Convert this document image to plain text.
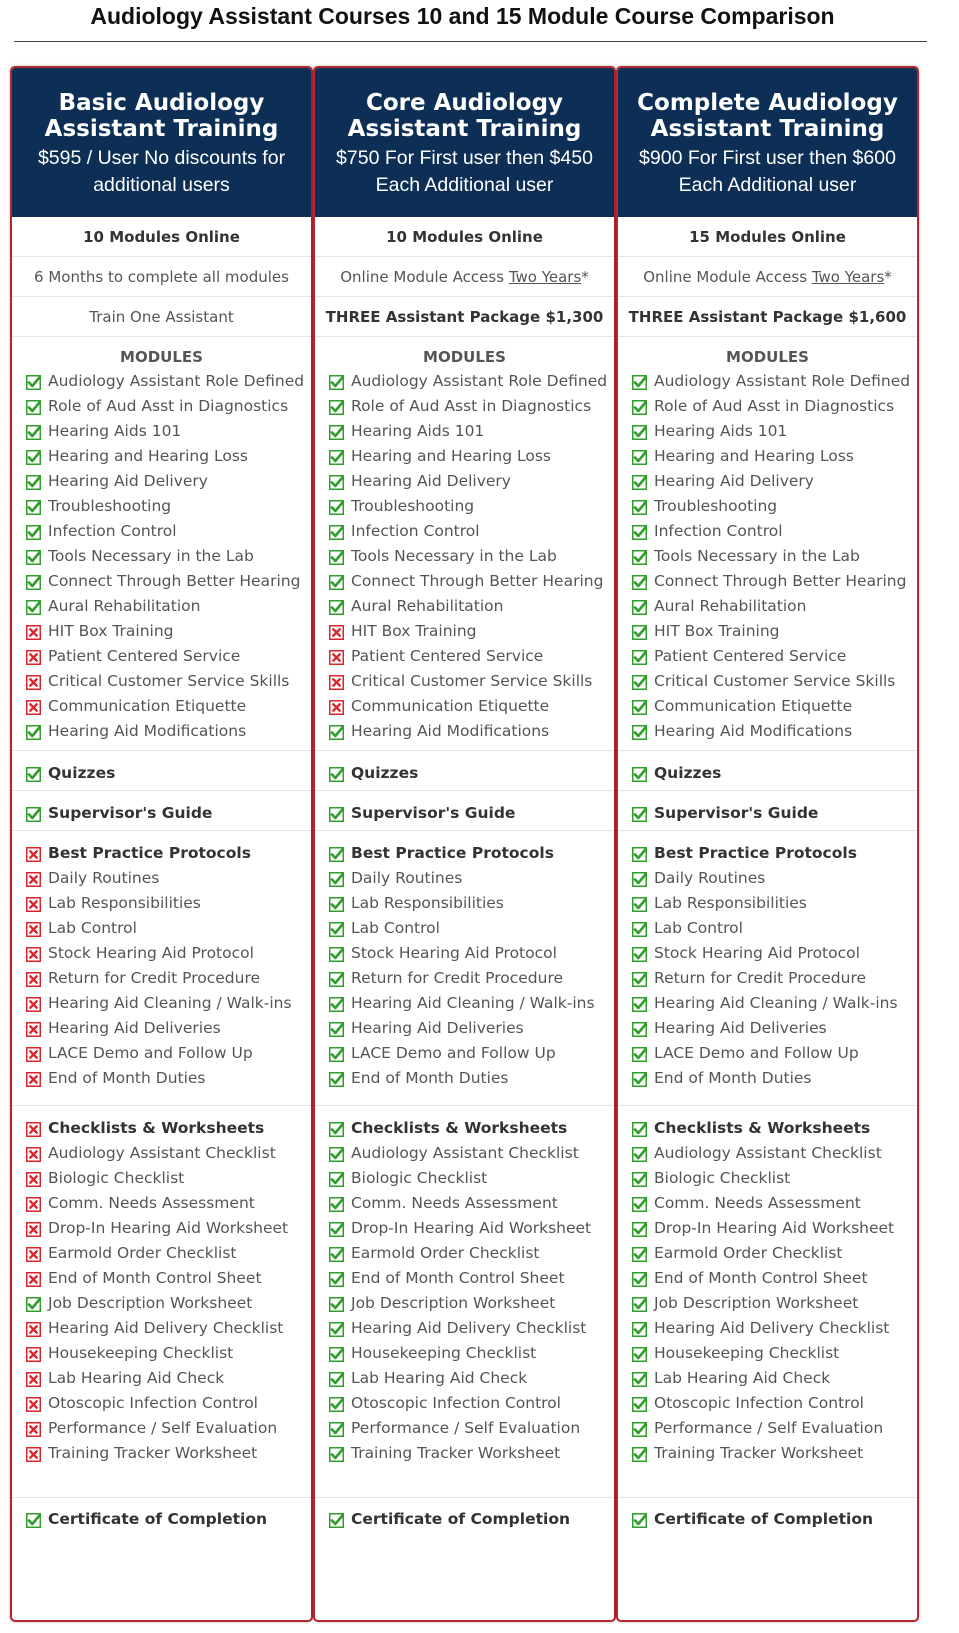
Audiology Assistant Courses 10 and 15 Module Course Comparison
Basic Audiology Assistant Training
$595 / User No discounts for additional users
10 Modules Online
6 Months to complete all modules
Train One Assistant
MODULES
Audiology Assistant Role Defined
Role of Aud Asst in Diagnostics
Hearing Aids 101
Hearing and Hearing Loss
Hearing Aid Delivery
Troubleshooting
Infection Control
Tools Necessary in the Lab
Connect Through Better Hearing
Aural Rehabilitation
HIT Box Training
Patient Centered Service
Critical Customer Service Skills
Communication Etiquette
Hearing Aid Modifications
Quizzes
Supervisor's Guide
Best Practice Protocols
Daily Routines
Lab Responsibilities
Lab Control
Stock Hearing Aid Protocol
Return for Credit Procedure
Hearing Aid Cleaning / Walk-ins
Hearing Aid Deliveries
LACE Demo and Follow Up
End of Month Duties
Checklists & Worksheets
Audiology Assistant Checklist
Biologic Checklist
Comm. Needs Assessment
Drop-In Hearing Aid Worksheet
Earmold Order Checklist
End of Month Control Sheet
Job Description Worksheet
Hearing Aid Delivery Checklist
Housekeeping Checklist
Lab Hearing Aid Check
Otoscopic Infection Control
Performance / Self Evaluation
Training Tracker Worksheet
Certificate of Completion
Core Audiology Assistant Training
$750 For First user then $450 Each Additional user
10 Modules Online
Online Module Access Two Years*
THREE Assistant Package $1,300
MODULES
Audiology Assistant Role Defined
Role of Aud Asst in Diagnostics
Hearing Aids 101
Hearing and Hearing Loss
Hearing Aid Delivery
Troubleshooting
Infection Control
Tools Necessary in the Lab
Connect Through Better Hearing
Aural Rehabilitation
HIT Box Training
Patient Centered Service
Critical Customer Service Skills
Communication Etiquette
Hearing Aid Modifications
Quizzes
Supervisor's Guide
Best Practice Protocols
Daily Routines
Lab Responsibilities
Lab Control
Stock Hearing Aid Protocol
Return for Credit Procedure
Hearing Aid Cleaning / Walk-ins
Hearing Aid Deliveries
LACE Demo and Follow Up
End of Month Duties
Checklists & Worksheets
Audiology Assistant Checklist
Biologic Checklist
Comm. Needs Assessment
Drop-In Hearing Aid Worksheet
Earmold Order Checklist
End of Month Control Sheet
Job Description Worksheet
Hearing Aid Delivery Checklist
Housekeeping Checklist
Lab Hearing Aid Check
Otoscopic Infection Control
Performance / Self Evaluation
Training Tracker Worksheet
Certificate of Completion
Complete Audiology Assistant Training
$900 For First user then $600 Each Additional user
15 Modules Online
Online Module Access Two Years*
THREE Assistant Package $1,600
MODULES
Audiology Assistant Role Defined
Role of Aud Asst in Diagnostics
Hearing Aids 101
Hearing and Hearing Loss
Hearing Aid Delivery
Troubleshooting
Infection Control
Tools Necessary in the Lab
Connect Through Better Hearing
Aural Rehabilitation
HIT Box Training
Patient Centered Service
Critical Customer Service Skills
Communication Etiquette
Hearing Aid Modifications
Quizzes
Supervisor's Guide
Best Practice Protocols
Daily Routines
Lab Responsibilities
Lab Control
Stock Hearing Aid Protocol
Return for Credit Procedure
Hearing Aid Cleaning / Walk-ins
Hearing Aid Deliveries
LACE Demo and Follow Up
End of Month Duties
Checklists & Worksheets
Audiology Assistant Checklist
Biologic Checklist
Comm. Needs Assessment
Drop-In Hearing Aid Worksheet
Earmold Order Checklist
End of Month Control Sheet
Job Description Worksheet
Hearing Aid Delivery Checklist
Housekeeping Checklist
Lab Hearing Aid Check
Otoscopic Infection Control
Performance / Self Evaluation
Training Tracker Worksheet
Certificate of Completion
